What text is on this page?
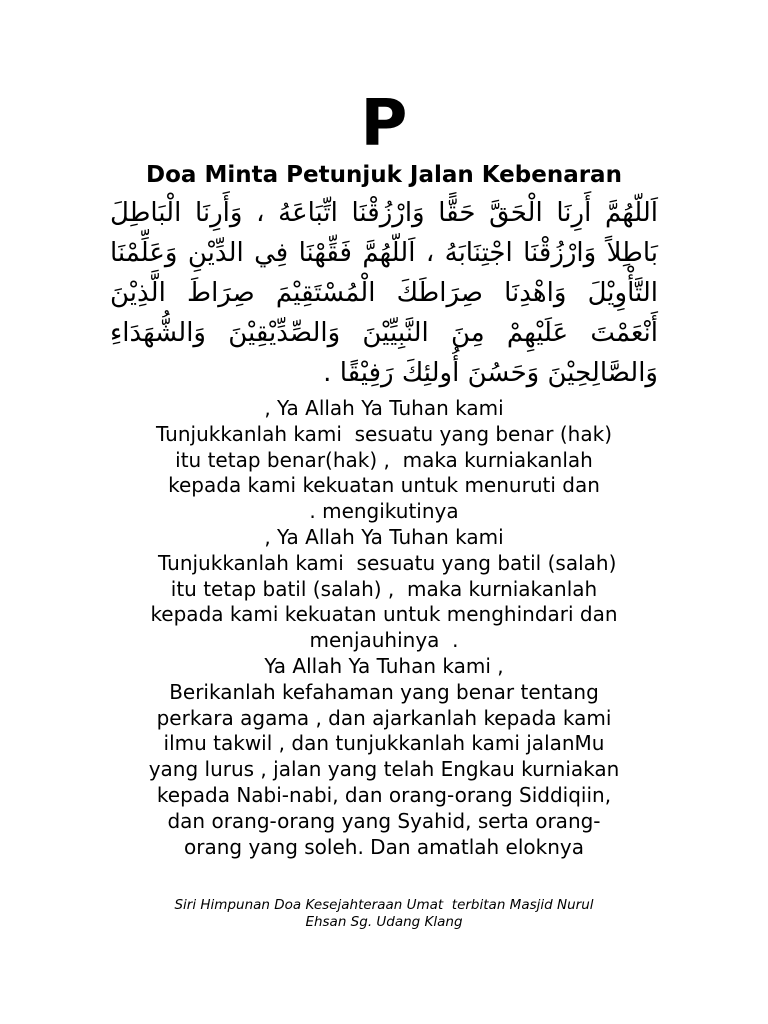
P
Doa Minta Petunjuk Jalan Kebenaran
اَللّهُمَّ أَرِنَا الْحَقَّ حَقًّا وَارْزُقْنَا اتِّبَاعَهُ ، وَأَرِنَا الْبَاطِلَ بَاطِلاً وَارْزُقْنَا اجْتِنَابَهُ ، اَللّهُمَّ فَقِّهْنَا فِي الدِّيْنِ وَعَلِّمْنَا التَّأْوِيْلَ وَاهْدِنَا صِرَاطَكَ الْمُسْتَقِيْمَ صِرَاطَ الَّذِيْنَ أَنْعَمْتَ عَلَيْهِمْ مِنَ النَّبِيِّيْنَ وَالصِّدِّيْقِيْنَ وَالشُّهَدَاءِ وَالصَّالِحِيْنَ وَحَسُنَ أُولئِكَ رَفِيْقًا .
, Ya Allah Ya Tuhan kami
Tunjukkanlah kami  sesuatu yang benar (hak)
itu tetap benar(hak) ,  maka kurniakanlah
kepada kami kekuatan untuk menuruti dan
. mengikutinya
, Ya Allah Ya Tuhan kami
Tunjukkanlah kami  sesuatu yang batil (salah)
itu tetap batil (salah) ,  maka kurniakanlah
kepada kami kekuatan untuk menghindari dan
menjauhinya  .
Ya Allah Ya Tuhan kami ,
Berikanlah kefahaman yang benar tentang
perkara agama , dan ajarkanlah kepada kami
ilmu takwil , dan tunjukkanlah kami jalanMu
yang lurus , jalan yang telah Engkau kurniakan
kepada Nabi-nabi, dan orang-orang Siddiqiin,
dan orang-orang yang Syahid, serta orang-
orang yang soleh. Dan amatlah eloknya
Siri Himpunan Doa Kesejahteraan Umat  terbitan Masjid Nurul
Ehsan Sg. Udang Klang
